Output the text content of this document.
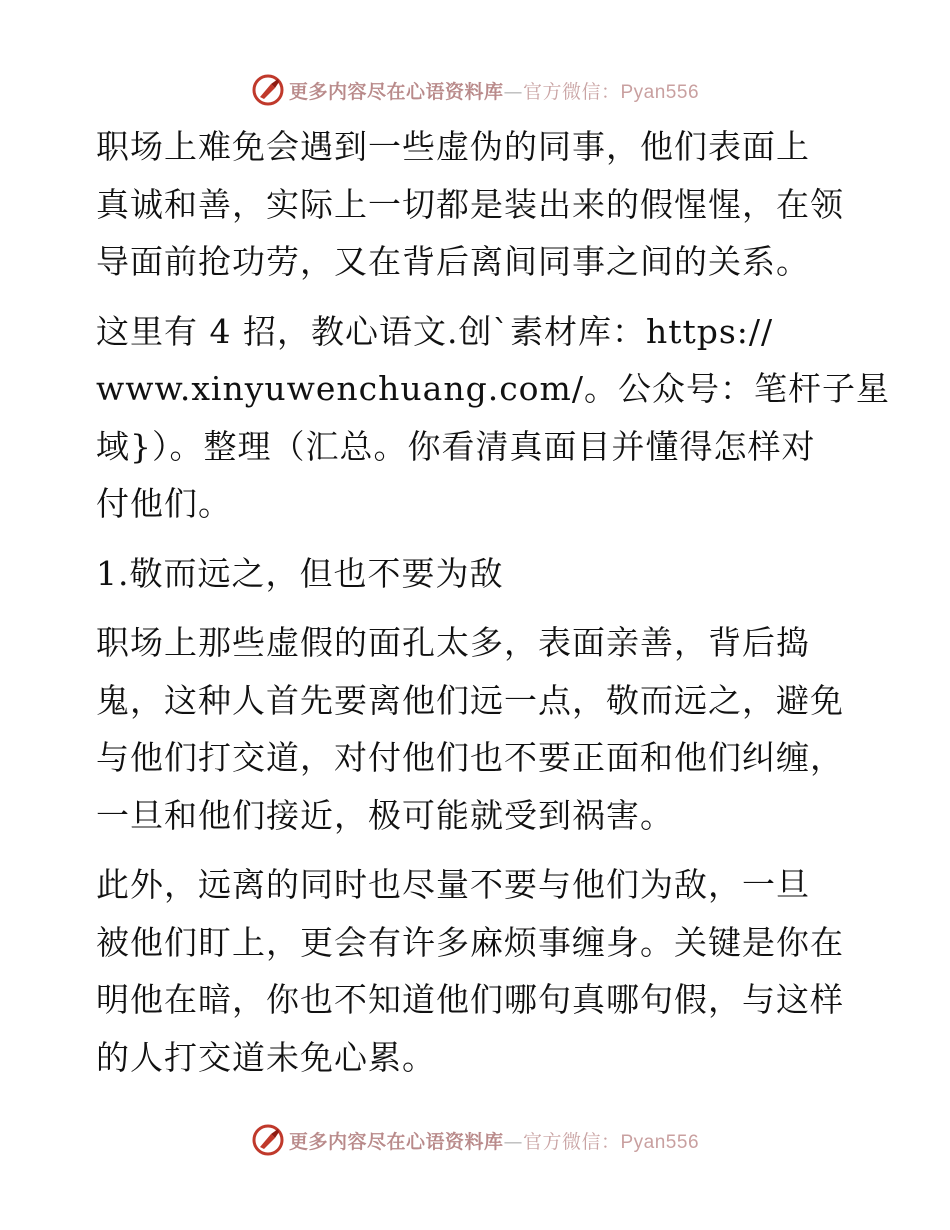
更多内容尽在心语资料库—官方微信：Pyan556

职场上难免会遇到一些虚伪的同事，他们表面上
真诚和善，实际上一切都是装出来的假惺惺，在领
导面前抢功劳，又在背后离间同事之间的关系。

这里有 4 招，教心语文.创`素材库：https://
www.xinyuwenchuang.com/。公众号：笔杆子星
域}）。整理（汇总。你看清真面目并懂得怎样对
付他们。

1.敬而远之，但也不要为敌

职场上那些虚假的面孔太多，表面亲善，背后捣
鬼，这种人首先要离他们远一点，敬而远之，避免
与他们打交道，对付他们也不要正面和他们纠缠，
一旦和他们接近，极可能就受到祸害。

此外，远离的同时也尽量不要与他们为敌，一旦
被他们盯上，更会有许多麻烦事缠身。关键是你在
明他在暗，你也不知道他们哪句真哪句假，与这样
的人打交道未免心累。

更多内容尽在心语资料库—官方微信：Pyan556
